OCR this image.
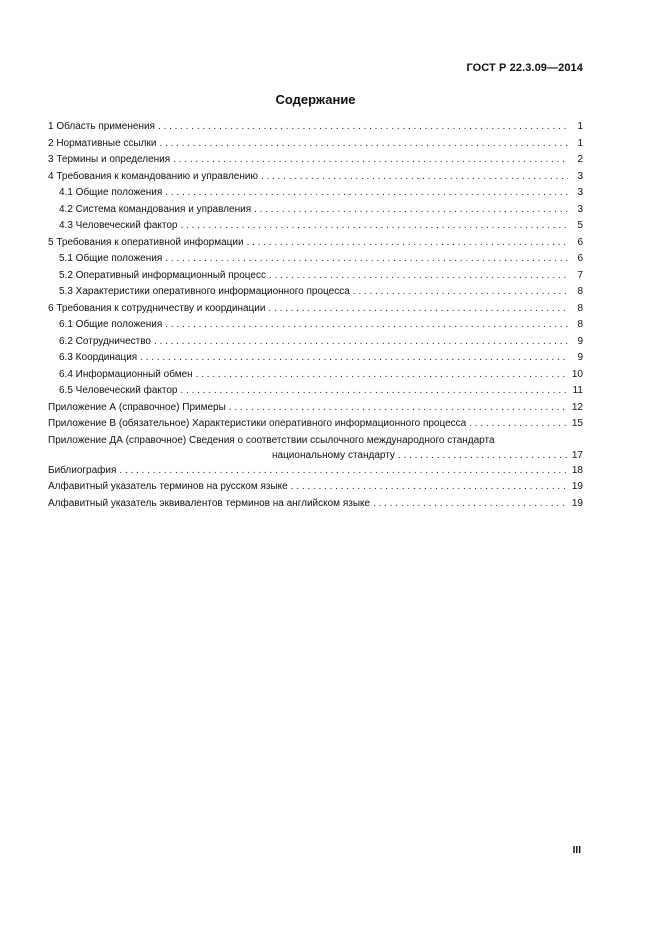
ГОСТ Р 22.3.09—2014
Содержание
1 Область применения . . .	1
2 Нормативные ссылки . . .	1
3 Термины и определения . . .	2
4 Требования к командованию и управлению . . .	3
4.1 Общие положения . . .	3
4.2 Система командования и управления . . .	3
4.3 Человеческий фактор . . .	5
5 Требования к оперативной информации . . .	6
5.1 Общие положения . . .	6
5.2 Оперативный информационный процесс . . .	7
5.3 Характеристики оперативного информационного процесса . . .	8
6 Требования к сотрудничеству и координации . . .	8
6.1 Общие положения . . .	8
6.2 Сотрудничество . . .	9
6.3 Координация . . .	9
6.4 Информационный обмен . . .	10
6.5 Человеческий фактор . . .	11
Приложение А (справочное) Примеры . . .	12
Приложение В (обязательное) Характеристики оперативного информационного процесса . . .	15
Приложение ДА (справочное) Сведения о соответствии ссылочного международного стандарта
национальному стандарту . . .	17
Библиография . . .	18
Алфавитный указатель терминов на русском языке . . .	19
Алфавитный указатель эквивалентов терминов на английском языке . . .	19
III
